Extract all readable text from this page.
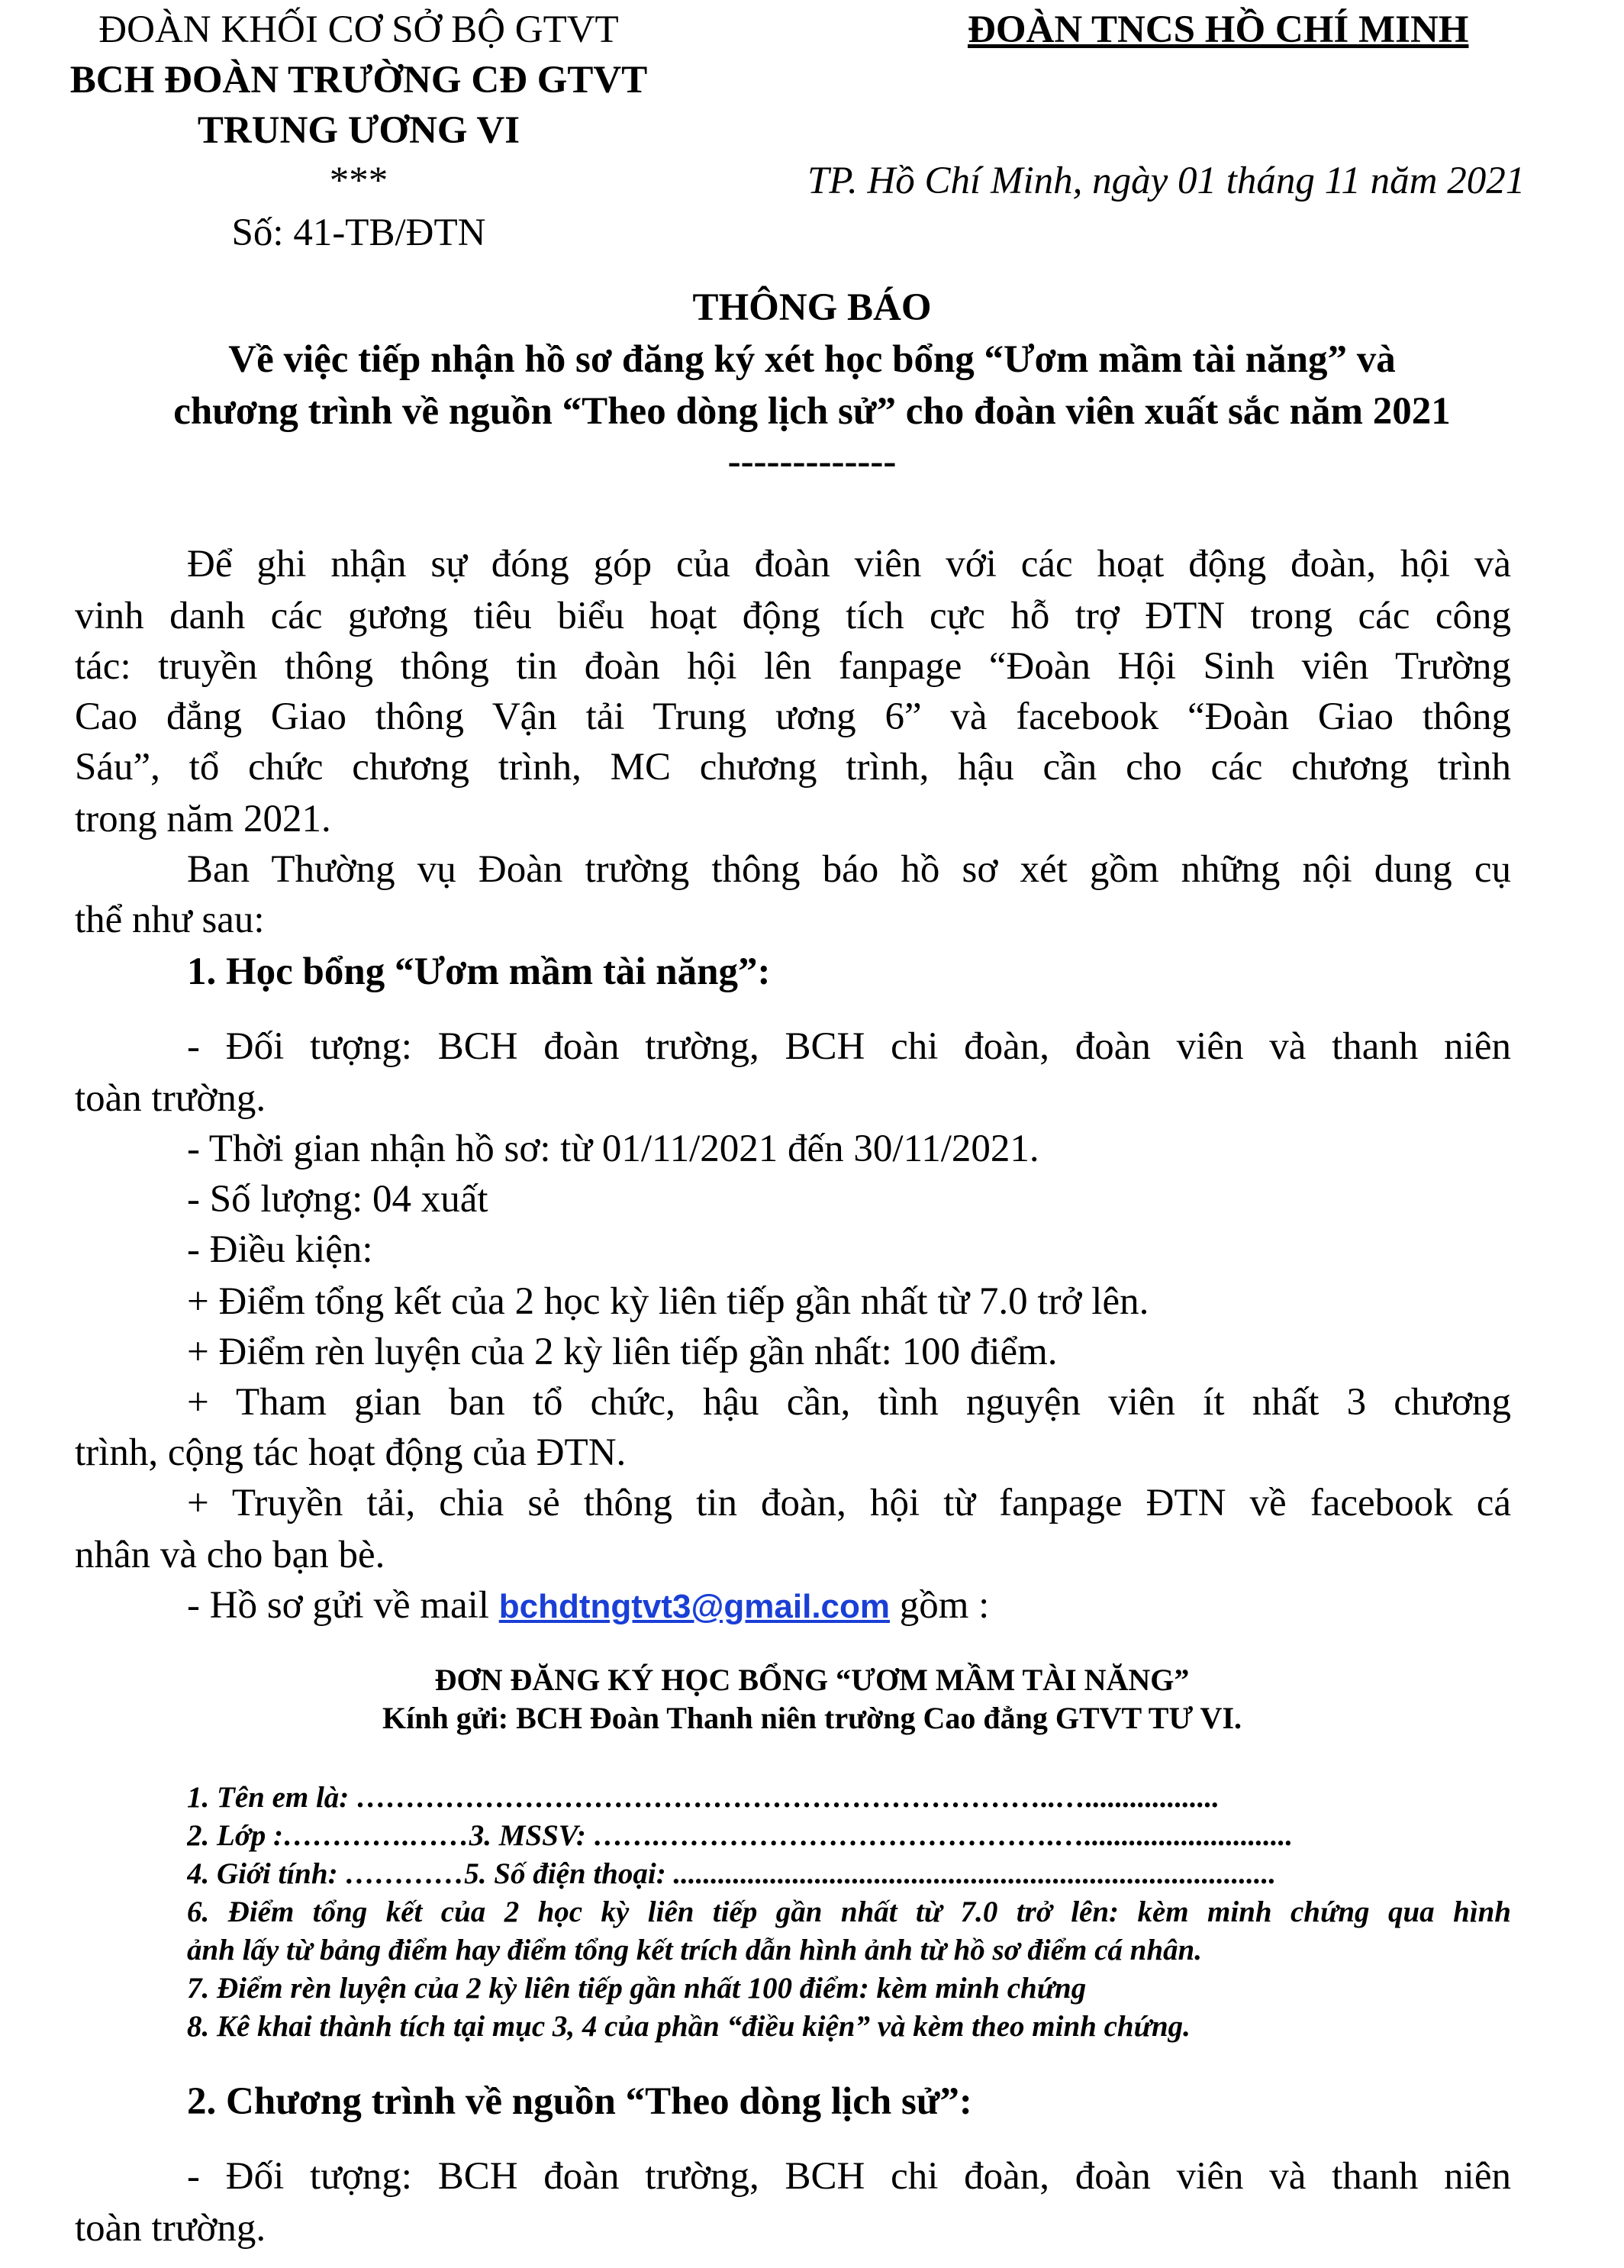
ĐOÀN KHỐI CƠ SỞ BỘ GTVT
BCH ĐOÀN TRƯỜNG CĐ GTVT
TRUNG ƯƠNG VI
***
Số: 41-TB/ĐTN
ĐOÀN TNCS HỒ CHÍ MINH
TP. Hồ Chí Minh, ngày 01 tháng 11 năm 2021
THÔNG BÁO
Về việc tiếp nhận hồ sơ đăng ký xét học bổng “Ươm mầm tài năng” và
chương trình về nguồn “Theo dòng lịch sử” cho đoàn viên xuất sắc năm 2021
-------------
Để ghi nhận sự đóng góp của đoàn viên với các hoạt động đoàn, hội và
vinh danh các gương tiêu biểu hoạt động tích cực hỗ trợ ĐTN trong các công
tác: truyền thông thông tin đoàn hội lên fanpage “Đoàn Hội Sinh viên Trường
Cao đẳng Giao thông Vận tải Trung ương 6” và facebook “Đoàn Giao thông
Sáu”, tổ chức chương trình, MC chương trình, hậu cần cho các chương trình
trong năm 2021.
Ban Thường vụ Đoàn trường thông báo hồ sơ xét gồm những nội dung cụ
thể như sau:
1. Học bổng “Ươm mầm tài năng”:
- Đối tượng: BCH đoàn trường, BCH chi đoàn, đoàn viên và thanh niên
toàn trường.
- Thời gian nhận hồ sơ: từ 01/11/2021 đến 30/11/2021.
- Số lượng: 04 xuất
- Điều kiện:
+ Điểm tổng kết của 2 học kỳ liên tiếp gần nhất từ 7.0 trở lên.
+ Điểm rèn luyện của 2 kỳ liên tiếp gần nhất: 100 điểm.
+ Tham gian ban tổ chức, hậu cần, tình nguyện viên ít nhất 3 chương
trình, cộng tác hoạt động của ĐTN.
+ Truyền tải, chia sẻ thông tin đoàn, hội từ fanpage ĐTN về facebook cá
nhân và cho bạn bè.
- Hồ sơ gửi về mail bchdtngtvt3@gmail.com gồm :
ĐƠN ĐĂNG KÝ HỌC BỔNG “ƯƠM MẦM TÀI NĂNG”
Kính gửi: BCH Đoàn Thanh niên trường Cao đẳng GTVT TƯ VI.
1. Tên em là: ……………………………………………………………..…..................
2. Lớp :………….……3. MSSV: …….………………………………….…............................
4. Giới tính: …………5. Số điện thoại: .................................................................................
6. Điểm tổng kết của 2 học kỳ liên tiếp gần nhất từ 7.0 trở lên: kèm minh chứng qua hình
ảnh lấy từ bảng điểm hay điểm tổng kết trích dẫn hình ảnh từ hồ sơ điểm cá nhân.
7. Điểm rèn luyện của 2 kỳ liên tiếp gần nhất 100 điểm: kèm minh chứng
8. Kê khai thành tích tại mục 3, 4 của phần “điều kiện” và kèm theo minh chứng.
2. Chương trình về nguồn “Theo dòng lịch sử”:
- Đối tượng: BCH đoàn trường, BCH chi đoàn, đoàn viên và thanh niên
toàn trường.
